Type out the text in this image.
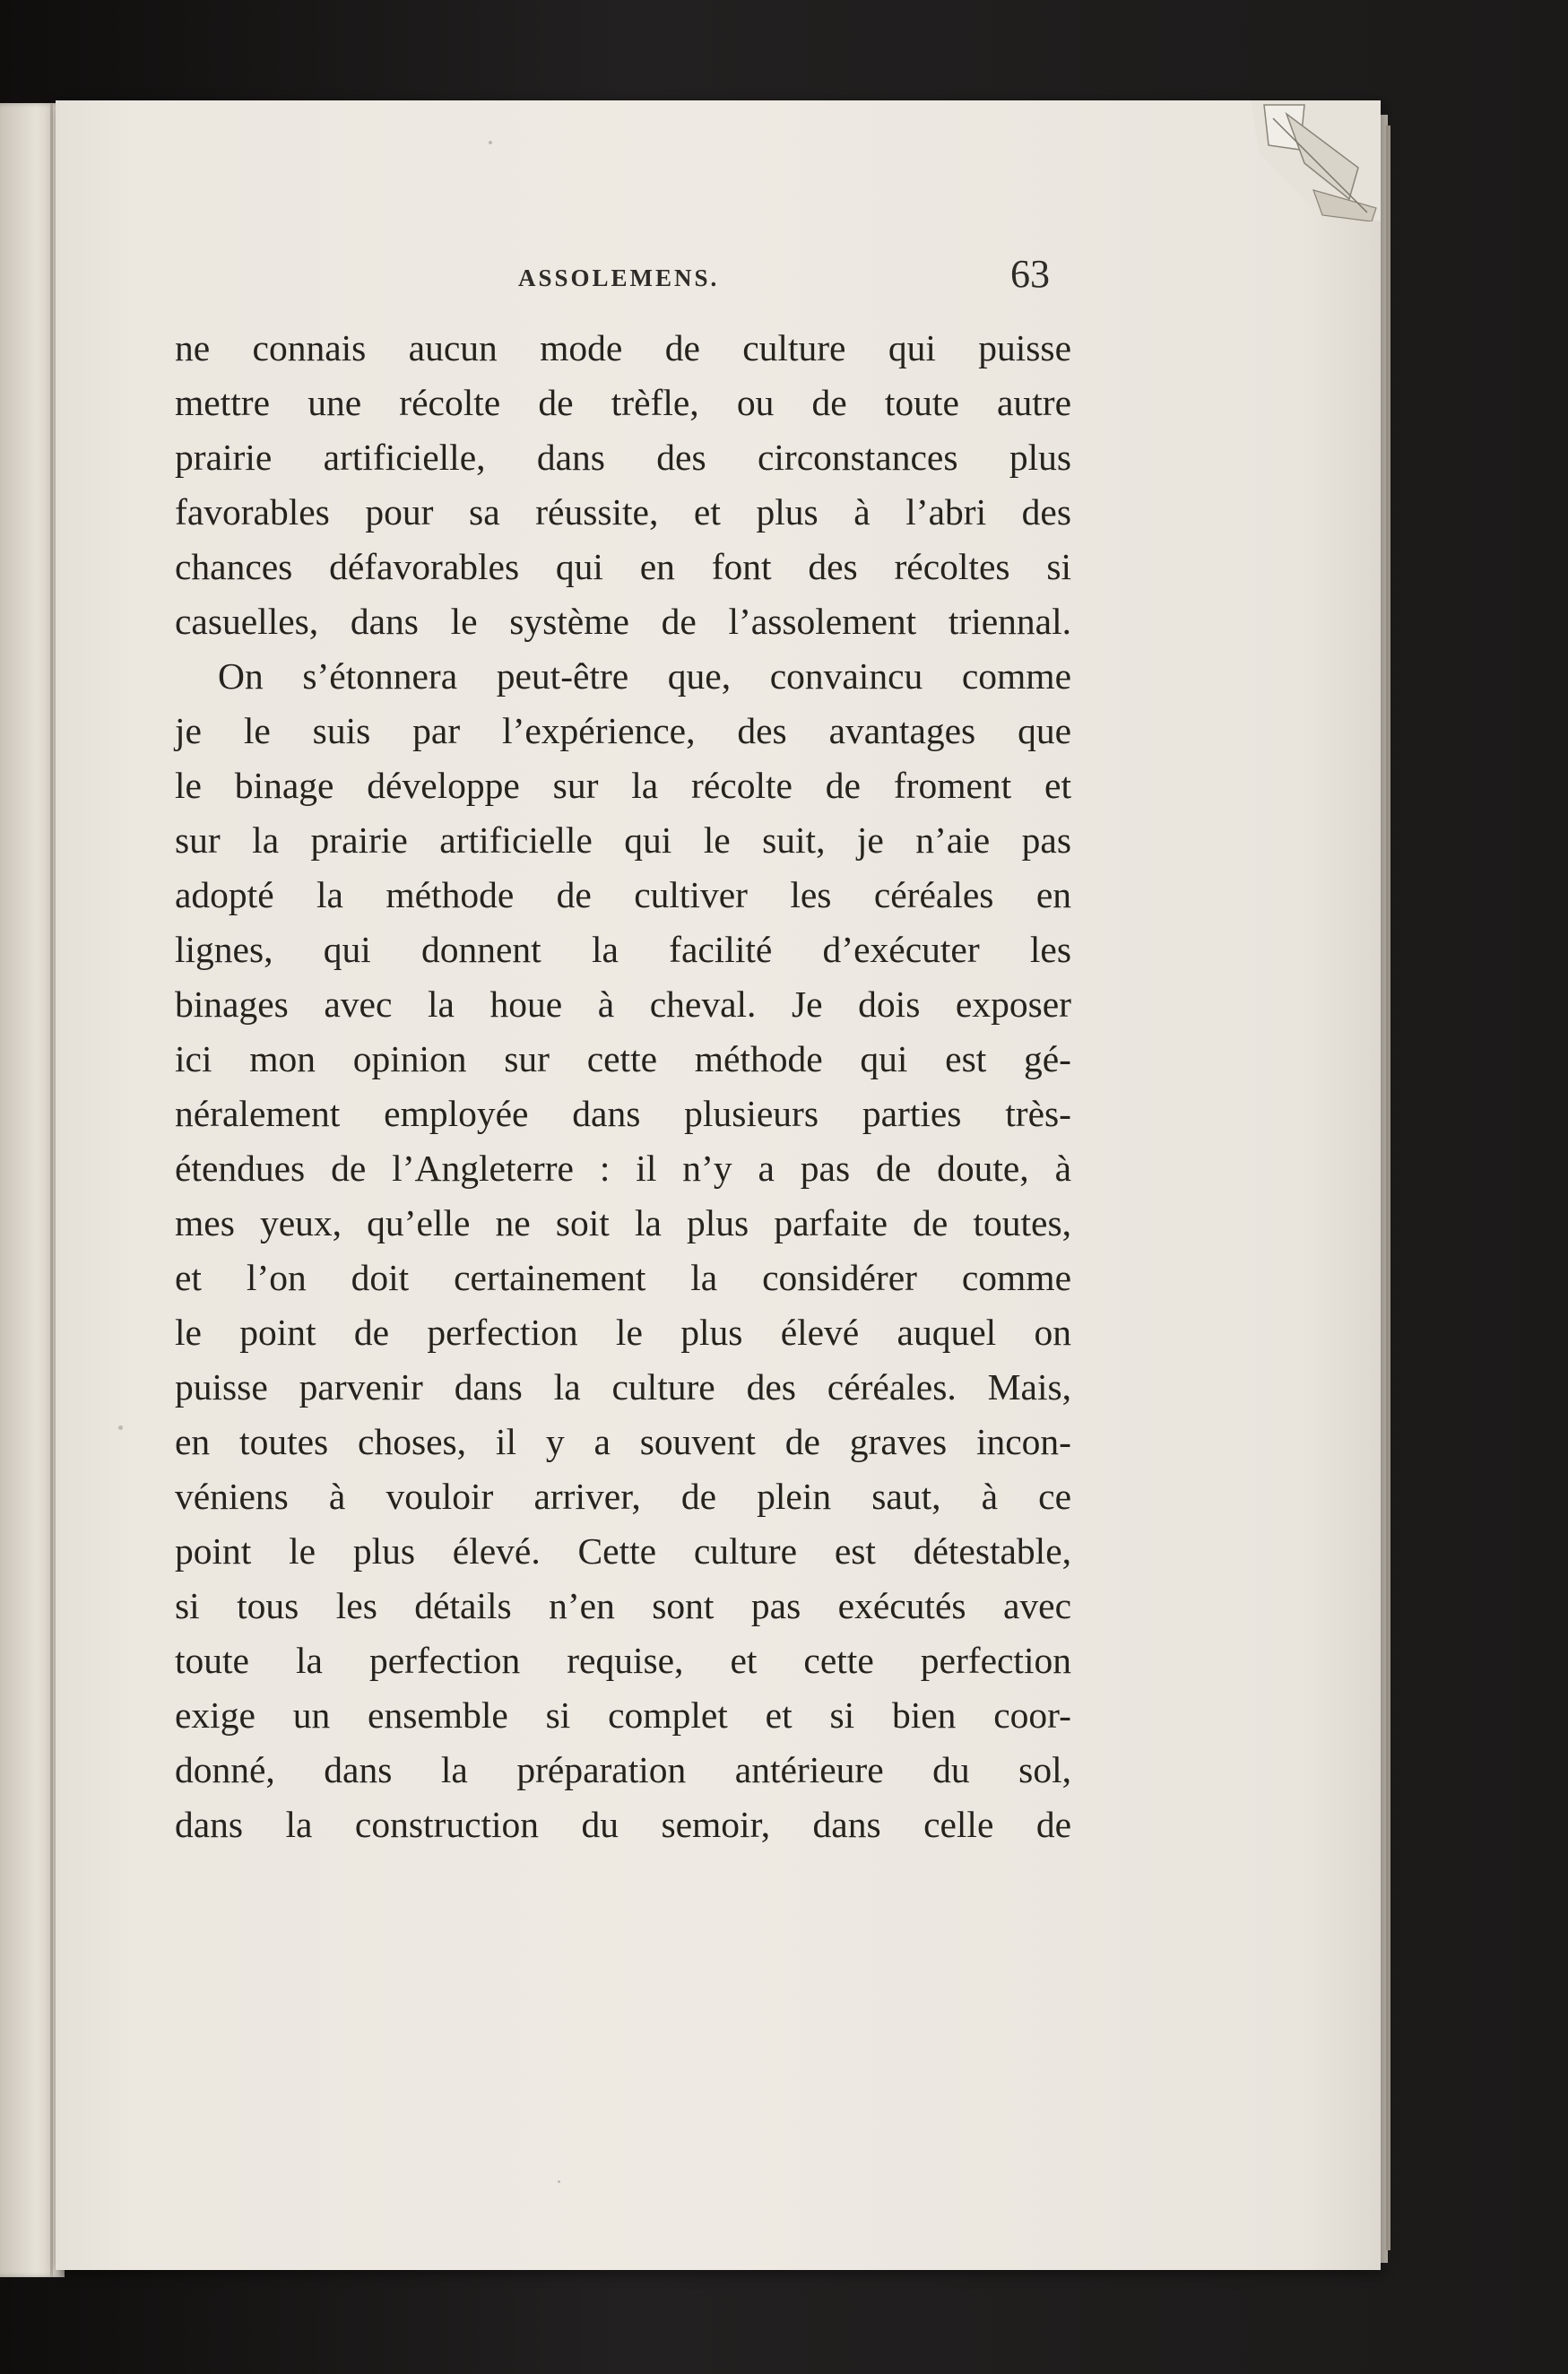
ASSOLEMENS.	63
ne connais aucun mode de culture qui puisse
mettre une récolte de trèfle, ou de toute autre
prairie artificielle, dans des circonstances plus
favorables pour sa réussite, et plus à l’abri des
chances défavorables qui en font des récoltes si
casuelles, dans le système de l’assolement triennal.
On s’étonnera peut-être que, convaincu comme
je le suis par l’expérience, des avantages que
le binage développe sur la récolte de froment et
sur la prairie artificielle qui le suit, je n’aie pas
adopté la méthode de cultiver les céréales en
lignes, qui donnent la facilité d’exécuter les
binages avec la houe à cheval. Je dois exposer
ici mon opinion sur cette méthode qui est gé-
néralement employée dans plusieurs parties très-
étendues de l’Angleterre : il n’y a pas de doute, à
mes yeux, qu’elle ne soit la plus parfaite de toutes,
et l’on doit certainement la considérer comme
le point de perfection le plus élevé auquel on
puisse parvenir dans la culture des céréales. Mais,
en toutes choses, il y a souvent de graves incon-
véniens à vouloir arriver, de plein saut, à ce
point le plus élevé. Cette culture est détestable,
si tous les détails n’en sont pas exécutés avec
toute la perfection requise, et cette perfection
exige un ensemble si complet et si bien coor-
donné, dans la préparation antérieure du sol,
dans la construction du semoir, dans celle de
